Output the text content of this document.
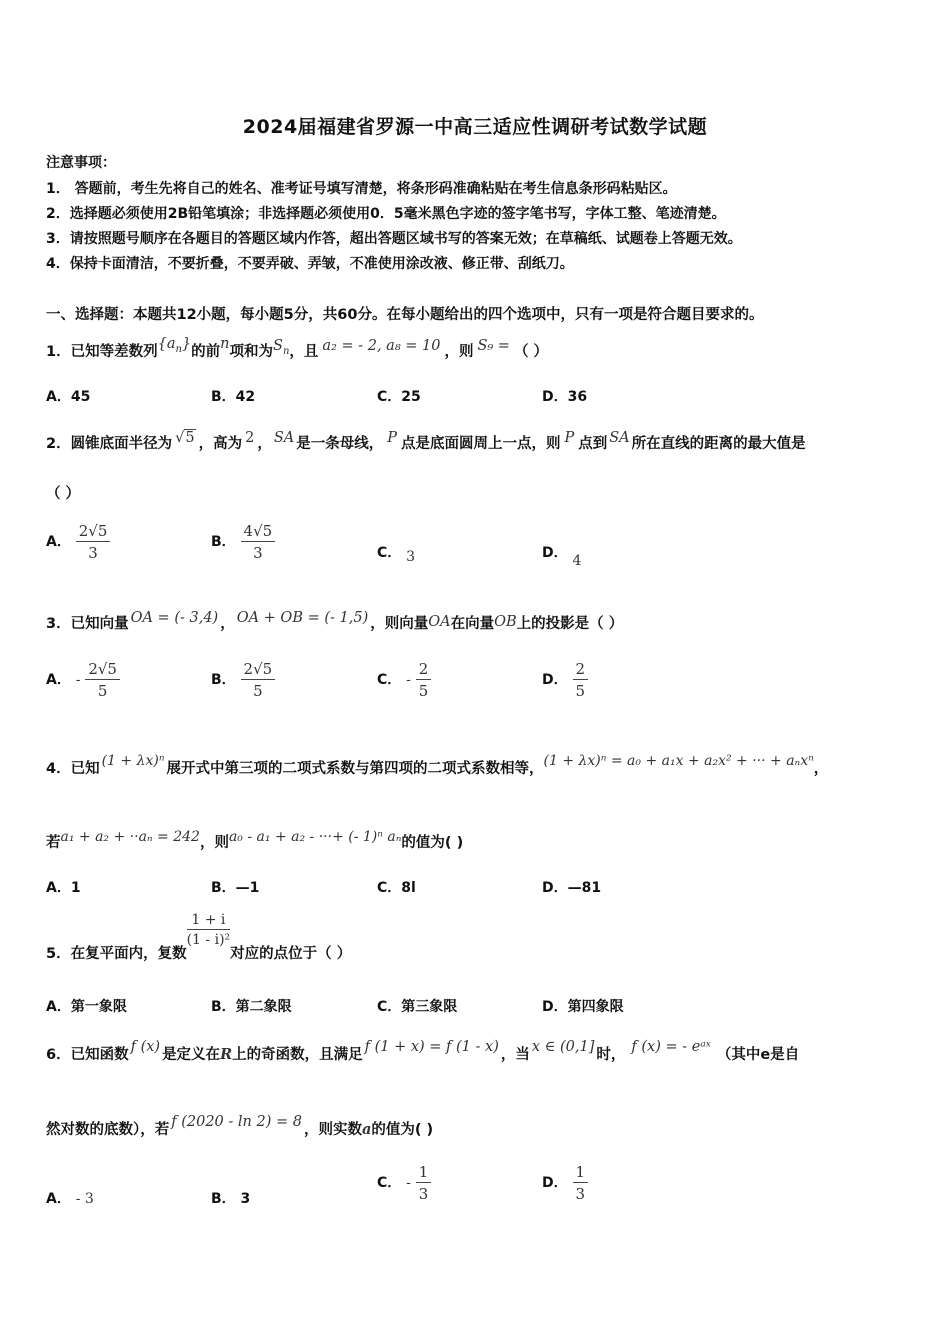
2024届福建省罗源一中高三适应性调研考试数学试题
注意事项：
1． 答题前，考生先将自己的姓名、准考证号填写清楚，将条形码准确粘贴在考生信息条形码粘贴区。
2．选择题必须使用2B铅笔填涂；非选择题必须使用0．5毫米黑色字迹的签字笔书写，字体工整、笔迹清楚。
3．请按照题号顺序在各题目的答题区域内作答，超出答题区域书写的答案无效；在草稿纸、试题卷上答题无效。
4．保持卡面清洁，不要折叠，不要弄破、弄皱，不准使用涂改液、修正带、刮纸刀。
一、选择题：本题共12小题，每小题5分，共60分。在每小题给出的四个选项中，只有一项是符合题目要求的。
1．已知等差数列$\{a_n\}$的前n项和为$S_n$，且 a₂ = - 2, a₈ = 10 ，则 S₉ = （ ）
A．45	B．42	C．25	D．36
2．圆锥底面半径为 √5 ，高为 2 ， SA 是一条母线， P 点是底面圆周上一点，则 P 点到 SA 所在直线的距离的最大值是
（ ）
A． $\frac{2√5}{3}$	B． $\frac{4√5}{3}$	C． 3	D． 4
3．已知向量 OA = (- 3,4) ， OA + OB = (- 1,5) ，则向量OA在向量OB上的投影是（ ）
A． - $\frac{2√5}{5}$	B． $\frac{2√5}{5}$	C． - $\frac{2}{5}$	D． $\frac{2}{5}$
4．已知 (1 + λx)ⁿ 展开式中第三项的二项式系数与第四项的二项式系数相等，(1 + λx)ⁿ = a₀ + a₁x + a₂x² + ··· + aₙxⁿ，
若a₁ + a₂ + ··aₙ = 242，则a₀ - a₁ + a₂ - ···+ (- 1)ⁿ aₙ的值为( )
A．1	B．—1	C．8l	D．—81
5．在复平面内，复数
$\frac{1 + i}{\text{(1 - i)²}}$
对应的点位于（ ）
A．第一象限	B．第二象限	C．第三象限	D．第四象限
6．已知函数 f (x) 是定义在R上的奇函数，且满足 f (1 + x) = f (1 - x) ，当 x ∈ (0,1] 时， f (x) = - eᵃˣ （其中e是自
然对数的底数），若 f (2020 - ln 2) = 8 ，则实数a的值为( )
A． - 3	B． 3
C． - $\frac{1}{3}$	D． $\frac{1}{3}$
